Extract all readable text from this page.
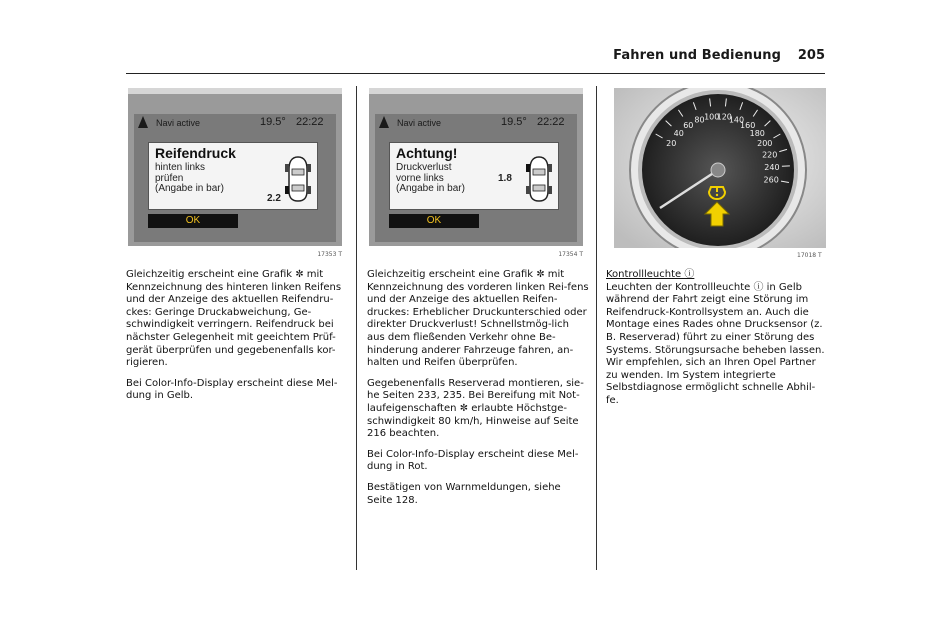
Fahren und Bedienung 205
Navi active	19.5° 22:22
Reifendruck
hinten links
prüfen
(Angabe in bar)
2.2
OK
17353 T
Navi active	19.5° 22:22
Achtung!
Druckverlust
vorne links
(Angabe in bar)
1.8
OK
17354 T
20
40
60
80 100
120
140
160
180
200
220
240
260
17018 T

Gleichzeitig erscheint eine Grafik ✼ mit Kennzeichnung des hinteren linken Reifens und der Anzeige des aktuellen Reifendru-ckes: Geringe Druckabweichung, Ge-schwindigkeit verringern. Reifendruck bei nächster Gelegenheit mit geeichtem Prüf-gerät überprüfen und gegebenenfalls kor-rigieren.

Bei Color-Info-Display erscheint diese Mel-dung in Gelb.

Gleichzeitig erscheint eine Grafik ✼ mit Kennzeichnung des vorderen linken Rei-fens und der Anzeige des aktuellen Reifen-druckes: Erheblicher Druckunterschied oder direkter Druckverlust! Schnellstmög-lich aus dem fließenden Verkehr ohne Be-hinderung anderer Fahrzeuge fahren, an-halten und Reifen überprüfen.

Gegebenenfalls Reserverad montieren, sie-he Seiten 233, 235. Bei Bereifung mit Not-laufeigenschaften ✼ erlaubte Höchstge-schwindigkeit 80 km/h, Hinweise auf Seite 216 beachten.

Bei Color-Info-Display erscheint diese Mel-dung in Rot.

Bestätigen von Warnmeldungen, siehe Seite 128.

Kontrollleuchte ⓘ

Leuchten der Kontrollleuchte ⓘ in Gelb während der Fahrt zeigt eine Störung im Reifendruck-Kontrollsystem an. Auch die Montage eines Rades ohne Drucksensor (z. B. Reserverad) führt zu einer Störung des Systems. Störungsursache beheben lassen. Wir empfehlen, sich an Ihren Opel Partner zu wenden. Im System integrierte Selbstdiagnose ermöglicht schnelle Abhil-fe.
